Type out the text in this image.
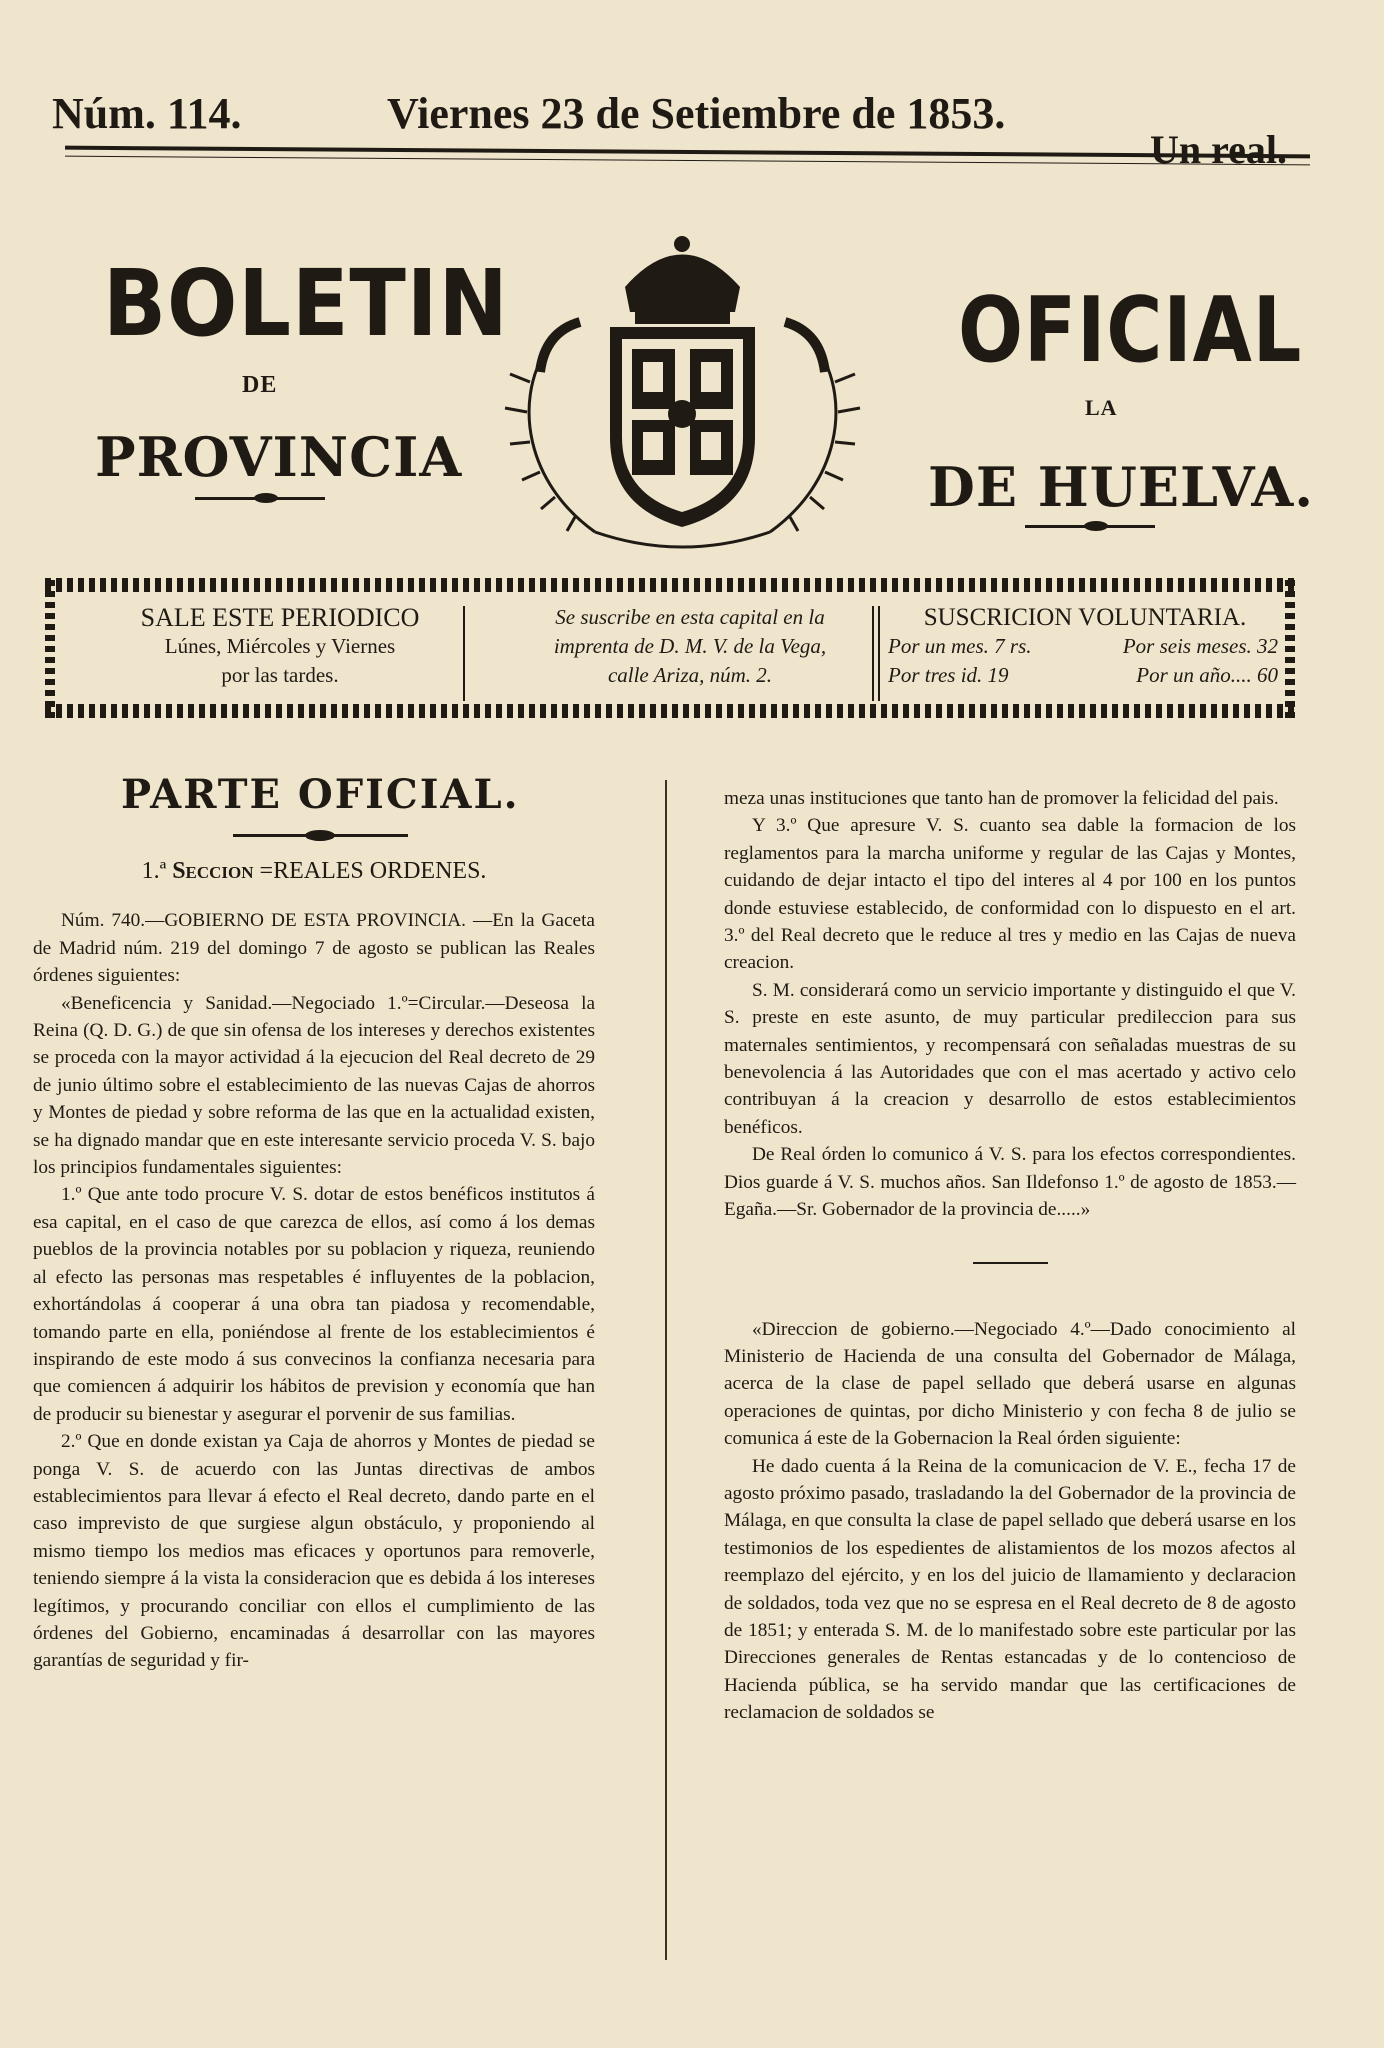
Núm. 114.	Viernes 23 de Setiembre de 1853.
Un real.
BOLETIN
DE
PROVINCIA
OFICIAL
LA
DE HUELVA.
SALE ESTE PERIODICO
Lúnes, Miércoles y Viernes
por las tardes.
Se suscribe en esta capital en la
imprenta de D. M. V. de la Vega,
calle Ariza, núm. 2.
SUSCRICION VOLUNTARIA.
Por un mes. 7 rs.	Por seis meses. 32
Por tres id. 19	Por un año.... 60

PARTE OFICIAL.

1.ª Seccion =REALES ORDENES.

Núm. 740.—GOBIERNO DE ESTA PROVINCIA. —En la Gaceta de Madrid núm. 219 del domingo 7 de agosto se publican las Reales órdenes siguientes:

«Beneficencia y Sanidad.—Negociado 1.º=Circular.—Deseosa la Reina (Q. D. G.) de que sin ofensa de los intereses y derechos existentes se proceda con la mayor actividad á la ejecucion del Real decreto de 29 de junio último sobre el establecimiento de las nuevas Cajas de ahorros y Montes de piedad y sobre reforma de las que en la actualidad existen, se ha dignado mandar que en este interesante servicio proceda V. S. bajo los principios fundamentales siguientes:

1.º Que ante todo procure V. S. dotar de estos benéficos institutos á esa capital, en el caso de que carezca de ellos, así como á los demas pueblos de la provincia notables por su poblacion y riqueza, reuniendo al efecto las personas mas respetables é influyentes de la poblacion, exhortándolas á cooperar á una obra tan piadosa y recomendable, tomando parte en ella, poniéndose al frente de los establecimientos é inspirando de este modo á sus convecinos la confianza necesaria para que comiencen á adquirir los hábitos de prevision y economía que han de producir su bienestar y asegurar el porvenir de sus familias.

2.º Que en donde existan ya Caja de ahorros y Montes de piedad se ponga V. S. de acuerdo con las Juntas directivas de ambos establecimientos para llevar á efecto el Real decreto, dando parte en el caso imprevisto de que surgiese algun obstáculo, y proponiendo al mismo tiempo los medios mas eficaces y oportunos para removerle, teniendo siempre á la vista la consideracion que es debida á los intereses legítimos, y procurando conciliar con ellos el cumplimiento de las órdenes del Gobierno, encaminadas á desarrollar con las mayores garantías de seguridad y fir-

meza unas instituciones que tanto han de promover la felicidad del pais.

Y 3.º Que apresure V. S. cuanto sea dable la formacion de los reglamentos para la marcha uniforme y regular de las Cajas y Montes, cuidando de dejar intacto el tipo del interes al 4 por 100 en los puntos donde estuviese establecido, de conformidad con lo dispuesto en el art. 3.º del Real decreto que le reduce al tres y medio en las Cajas de nueva creacion.

S. M. considerará como un servicio importante y distinguido el que V. S. preste en este asunto, de muy particular predileccion para sus maternales sentimientos, y recompensará con señaladas muestras de su benevolencia á las Autoridades que con el mas acertado y activo celo contribuyan á la creacion y desarrollo de estos establecimientos benéficos.

De Real órden lo comunico á V. S. para los efectos correspondientes. Dios guarde á V. S. muchos años. San Ildefonso 1.º de agosto de 1853.—Egaña.—Sr. Gobernador de la provincia de.....»

«Direccion de gobierno.—Negociado 4.º—Dado conocimiento al Ministerio de Hacienda de una consulta del Gobernador de Málaga, acerca de la clase de papel sellado que deberá usarse en algunas operaciones de quintas, por dicho Ministerio y con fecha 8 de julio se comunica á este de la Gobernacion la Real órden siguiente:

He dado cuenta á la Reina de la comunicacion de V. E., fecha 17 de agosto próximo pasado, trasladando la del Gobernador de la provincia de Málaga, en que consulta la clase de papel sellado que deberá usarse en los testimonios de los espedientes de alistamientos de los mozos afectos al reemplazo del ejército, y en los del juicio de llamamiento y declaracion de soldados, toda vez que no se espresa en el Real decreto de 8 de agosto de 1851; y enterada S. M. de lo manifestado sobre este particular por las Direcciones generales de Rentas estancadas y de lo contencioso de Hacienda pública, se ha servido mandar que las certificaciones de reclamacion de soldados se
